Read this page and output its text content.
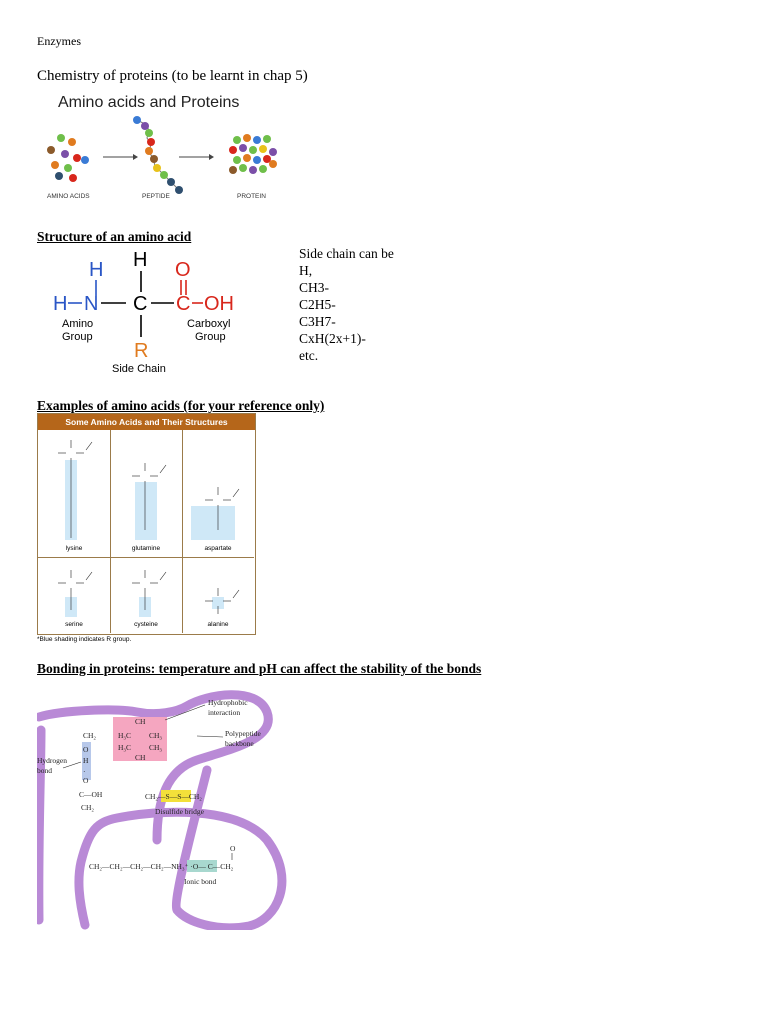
Enzymes
Chemistry of proteins (to be learnt in chap 5)
Amino acids and Proteins
AMINO ACIDS	PEPTIDE	PROTEIN
Structure of an amino acid
H
H N
H
C
R
O
C OH
Amino
Group
Carboxyl
Group
Side Chain
Side chain can be
H,
CH3-
C2H5-
C3H7-
CxH(2x+1)-
etc.
Examples of amino acids (for your reference only)
Some Amino Acids and Their Structures
lysine	glutamine	aspartate
serine	cysteine	alanine
*Blue shading indicates R group.
Bonding in proteins: temperature and pH can affect the stability of the bonds
CH
H₃C CH₃
H₃C CH₃
CH
CH₂
O
H
·
O
C—OH
CH₂
CH₂—S—S—CH₂
CH₂—CH₂—CH₂—CH₂—NH₃⁺ ·O— C—CH₂
O
Hydrophobic
interaction
Polypeptide
backbone
Hydrogen
bond
Disulfide bridge
Ionic bond
